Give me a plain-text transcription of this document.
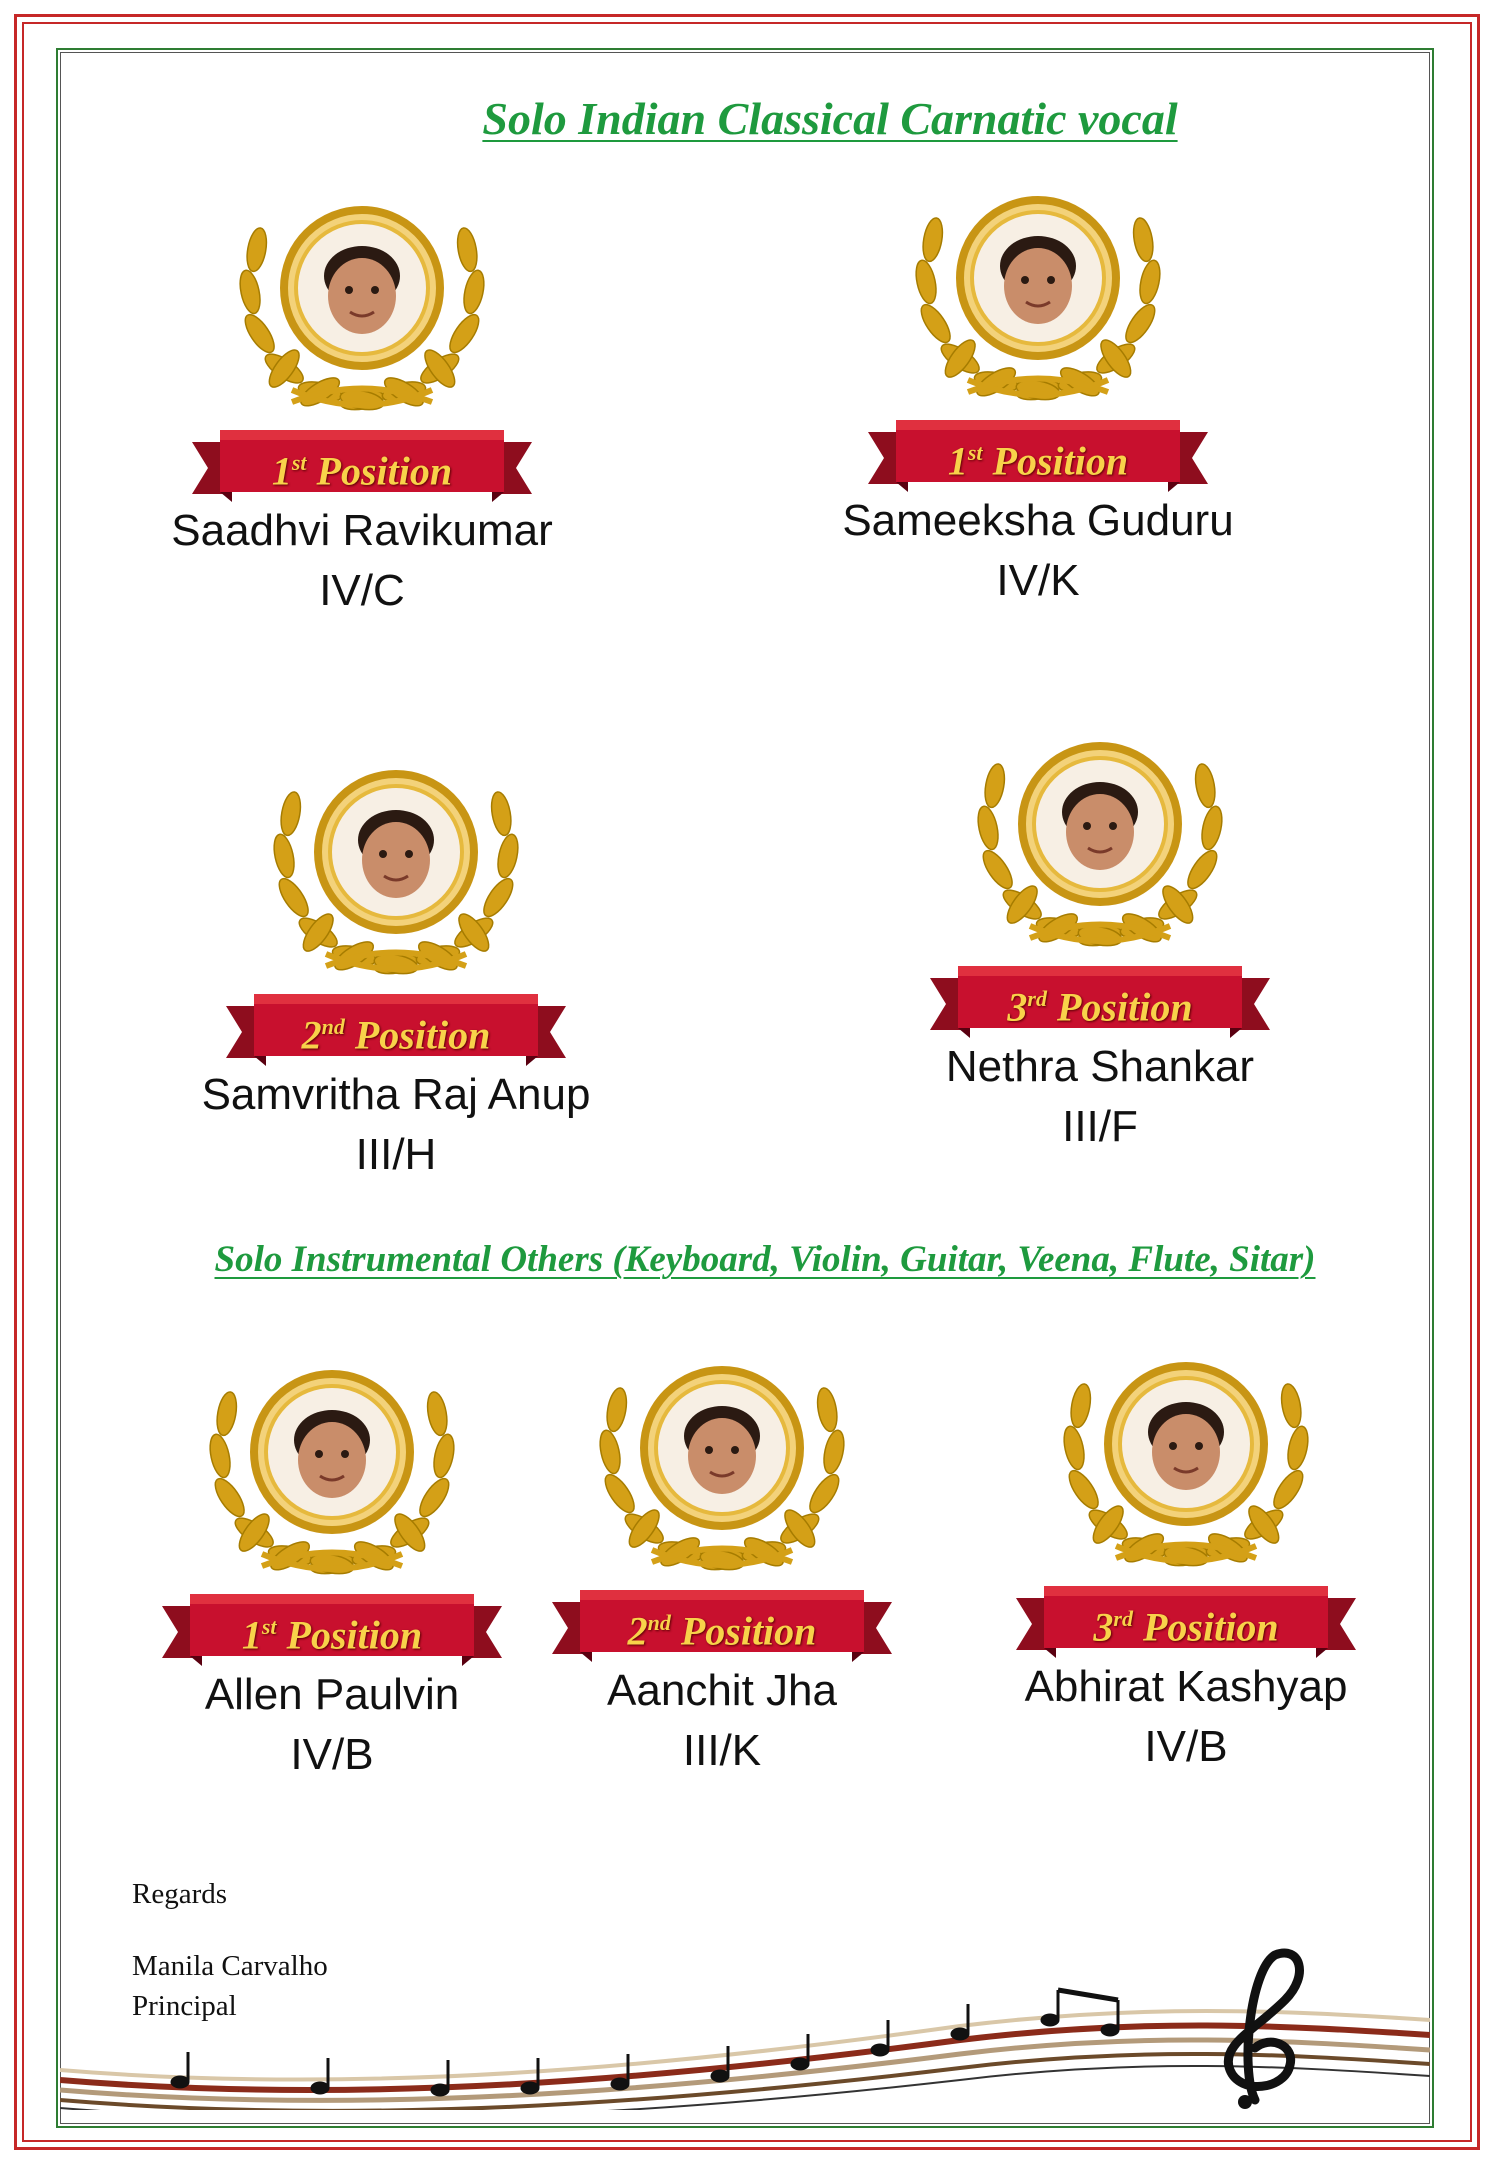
Solo Indian Classical Carnatic vocal
Solo Instrumental Others (Keyboard, Violin, Guitar, Veena, Flute, Sitar)
1st Position
Saadhvi Ravikumar
IV/C
1st Position
Sameeksha Guduru
IV/K
2nd Position
Samvritha Raj Anup
III/H
3rd Position
Nethra Shankar
III/F
1st Position
Allen Paulvin
IV/B
2nd Position
Aanchit Jha
III/K
3rd Position
Abhirat Kashyap
IV/B
Regards
Manila Carvalho
Principal
